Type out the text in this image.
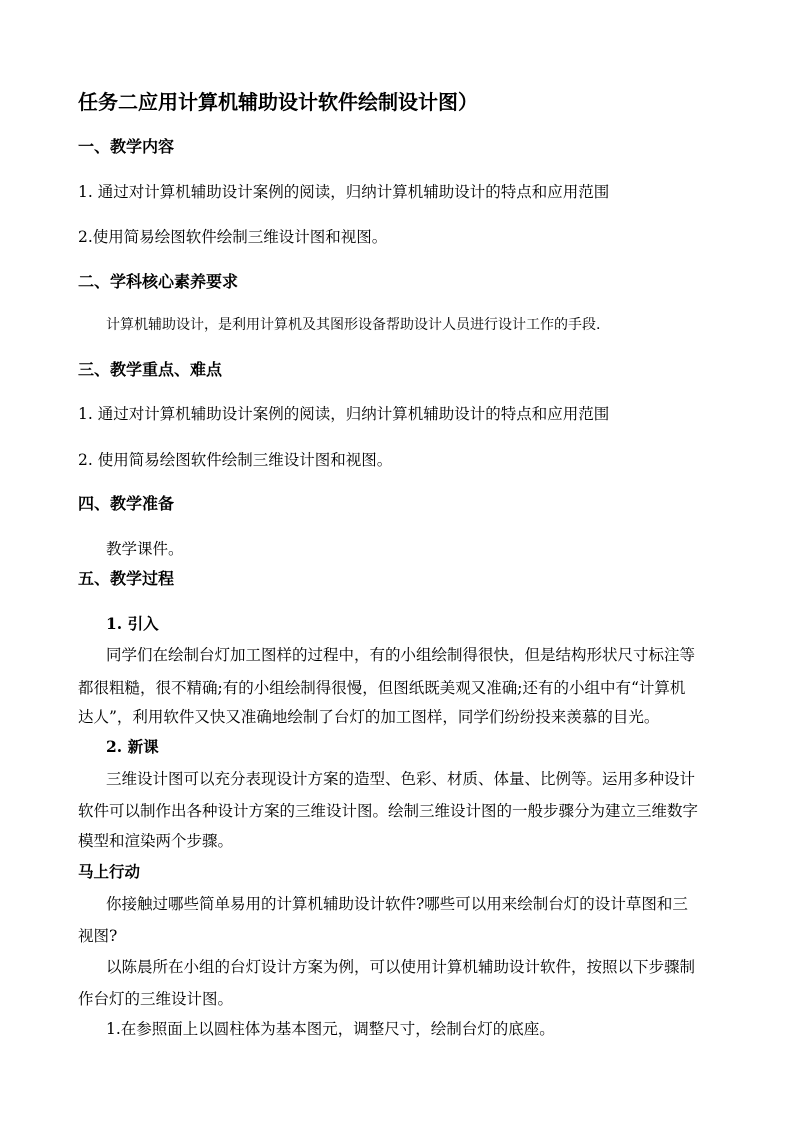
任务二应用计算机辅助设计软件绘制设计图）
一、教学内容
1. 通过对计算机辅助设计案例的阅读，归纳计算机辅助设计的特点和应用范围
2.使用简易绘图软件绘制三维设计图和视图。
二、学科核心素养要求
计算机辅助设计，是利用计算机及其图形设备帮助设计人员进行设计工作的手段.
三、教学重点、难点
1. 通过对计算机辅助设计案例的阅读，归纳计算机辅助设计的特点和应用范围
2. 使用简易绘图软件绘制三维设计图和视图。
四、教学准备
教学课件。
五、教学过程
1. 引入
同学们在绘制台灯加工图样的过程中，有的小组绘制得很快，但是结构形状尺寸标注等
都很粗糙，很不精确;有的小组绘制得很慢，但图纸既美观又准确;还有的小组中有“计算机
达人”，利用软件又快又准确地绘制了台灯的加工图样，同学们纷纷投来羡慕的目光。
2. 新课
三维设计图可以充分表现设计方案的造型、色彩、材质、体量、比例等。运用多种设计
软件可以制作出各种设计方案的三维设计图。绘制三维设计图的一般步骤分为建立三维数字
模型和渲染两个步骤。
马上行动
你接触过哪些简单易用的计算机辅助设计软件?哪些可以用来绘制台灯的设计草图和三
视图?
以陈晨所在小组的台灯设计方案为例，可以使用计算机辅助设计软件，按照以下步骤制
作台灯的三维设计图。
1.在参照面上以圆柱体为基本图元，调整尺寸，绘制台灯的底座。
